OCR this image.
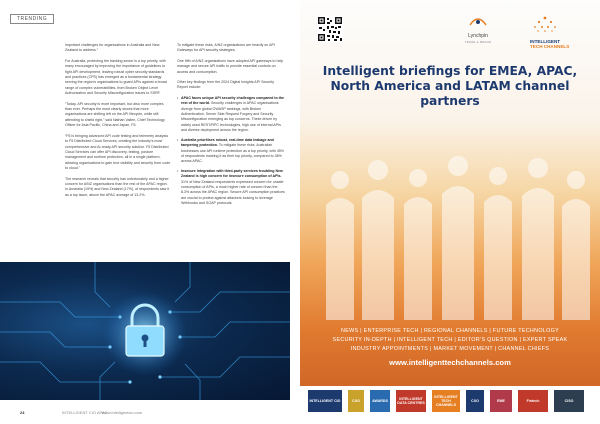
TRENDING

important challenges for organisations in Australia and New Zealand to address.”

For Australia, protecting the banking sector is a top priority, with many encouraged by improving the importance of guidelines to fight API development, leaving robust cyber security standards and practices (CPS) has emerged as a fundamental strategy serving the region’s organisations to guard APIs against a broad range of complex vulnerabilities, from Broken Object Level Authorisation and Security Misconfiguration issues to SSRF.

“Today, API security is more important, but also more complex, than ever. Perhaps the most clearly shows that more organisations are shifting left on the API lifecycle, while still attending to shield right,” said Nathan Vallen, Chief Technology Officer for Asia Pacific, China and Japan, F5.

“F5 is bringing advanced API code testing and telemetry analysis to F5 Distributed Cloud Services, creating the industry’s most comprehensive and AI-ready API security solution. F5 Distributed Cloud Services can offer API discovery, testing, posture management and runtime protection, all in a single platform, allowing organisations to gain true visibility and security from code to cloud.”

The research reveals that security has unfortunately and a higher concern for A/NZ organisations than the rest of the APAC region. In Australia (19%) and New Zealand (17%), of respondents saw it as a top issue, above the APAC average of 13.2%.

To mitigate these risks, A/NZ organisations are heavily on API Gateways for API security strategies.

One fifth of A/NZ organisations have adopted API gateways to help manage and secure API traffic to provide essential controls on access and consumption.

Other key findings from the 2024 Digital Insights API Security Report include:

• APAC faces unique API security challenges compared to the rest of the world. Security challenges in APAC organisations diverge from global OWASP rankings, with Broken Authentication, Server Side Request Forgery and Security Misconfiguration emerging as top concerns. These driven by widely used REST/RPC technologies, high use of internal APIs and diverse deployment across the region.
• Australia prioritises robust, real-time data leakage and tampering protection. To mitigate these risks, Australian businesses use API runtime protection as a top priority, with 45% of respondents marking it as their top priority, compared to 38% across APAC.
• Insecure integration with third-party services troubling New Zealand is high concern for insecure consumption of APIs. 31% of New Zealand respondents expressed concern for unsafe consumption of APIs, a much higher rate of concern than the 8.3% across the APAC region. Secure API consumption practices are crucial to protect against attackers looking to leverage Webhooks and SOAP protocols.
24	INTELLIGENT CIO APAC
www.intelligentcio.com
Lynchpin
TRADE & BRAND	INTELLIGENT
TECH CHANNELS
Intelligent briefings for EMEA, APAC, North America and LATAM channel partners
NEWS | ENTERPRISE TECH | REGIONAL CHANNELS | FUTURE TECHNOLOGY
SECURITY IN-DEPTH | INTELLIGENT TECH | EDITOR’S QUESTION | EXPERT SPEAK
INDUSTRY APPOINTMENTS | MARKET MOVEMENT | CHANNEL CHIEFS
www.intelligenttechchannels.com
INTELLIGENT CIO	CXO	AWARDS	INTELLIGENT DATA CENTRES
INTELLIGENT TECH CHANNELS
CXO	EME	Fintech	CISO
